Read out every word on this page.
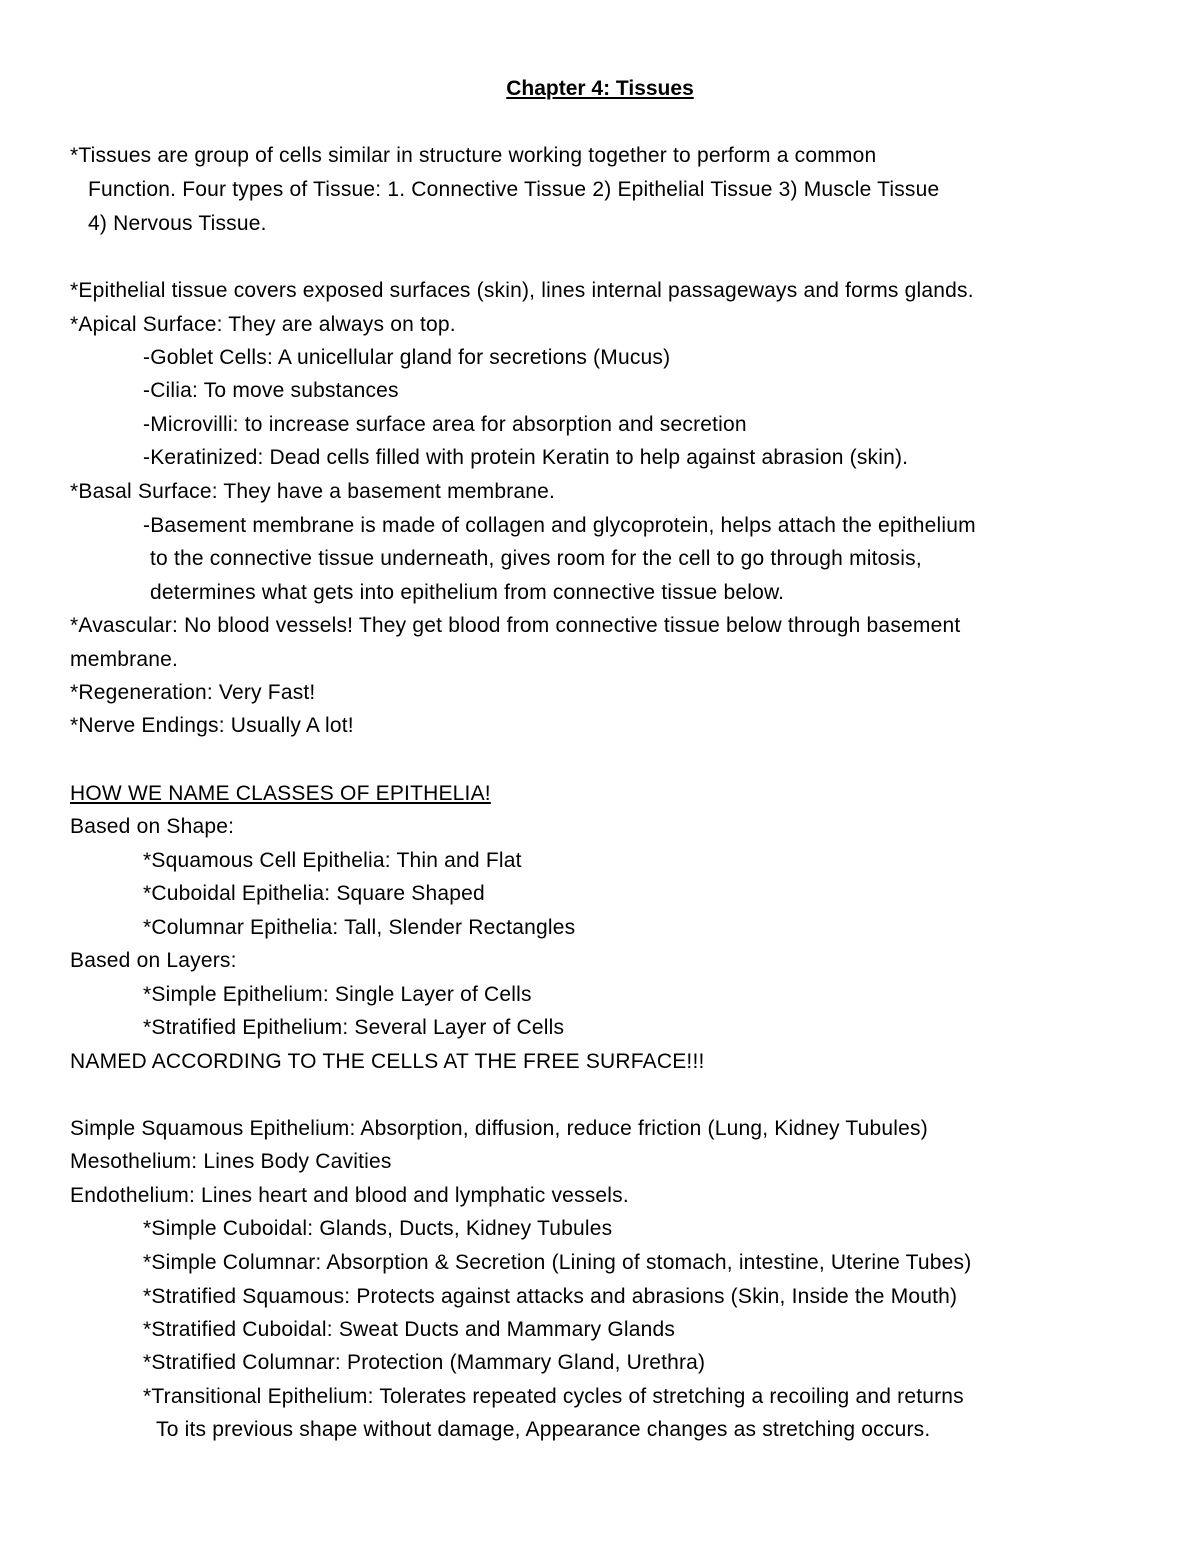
Chapter 4: Tissues
*Tissues are group of cells similar in structure working together to perform a common
Function. Four types of Tissue: 1. Connective Tissue 2) Epithelial Tissue 3) Muscle Tissue
4) Nervous Tissue.
*Epithelial tissue covers exposed surfaces (skin), lines internal passageways and forms glands.
*Apical Surface: They are always on top.
-Goblet Cells: A unicellular gland for secretions (Mucus)
-Cilia: To move substances
-Microvilli: to increase surface area for absorption and secretion
-Keratinized: Dead cells filled with protein Keratin to help against abrasion (skin).
*Basal Surface: They have a basement membrane.
-Basement membrane is made of collagen and glycoprotein, helps attach the epithelium
to the connective tissue underneath, gives room for the cell to go through mitosis,
determines what gets into epithelium from connective tissue below.
*Avascular: No blood vessels! They get blood from connective tissue below through basement
membrane.
*Regeneration: Very Fast!
*Nerve Endings: Usually A lot!
HOW WE NAME CLASSES OF EPITHELIA!
Based on Shape:
*Squamous Cell Epithelia: Thin and Flat
*Cuboidal Epithelia: Square Shaped
*Columnar Epithelia: Tall, Slender Rectangles
Based on Layers:
*Simple Epithelium: Single Layer of Cells
*Stratified Epithelium: Several Layer of Cells
NAMED ACCORDING TO THE CELLS AT THE FREE SURFACE!!!
Simple Squamous Epithelium: Absorption, diffusion, reduce friction (Lung, Kidney Tubules)
Mesothelium: Lines Body Cavities
Endothelium: Lines heart and blood and lymphatic vessels.
*Simple Cuboidal: Glands, Ducts, Kidney Tubules
*Simple Columnar: Absorption & Secretion (Lining of stomach, intestine, Uterine Tubes)
*Stratified Squamous: Protects against attacks and abrasions (Skin, Inside the Mouth)
*Stratified Cuboidal: Sweat Ducts and Mammary Glands
*Stratified Columnar: Protection (Mammary Gland, Urethra)
*Transitional Epithelium: Tolerates repeated cycles of stretching a recoiling and returns
To its previous shape without damage, Appearance changes as stretching occurs.
